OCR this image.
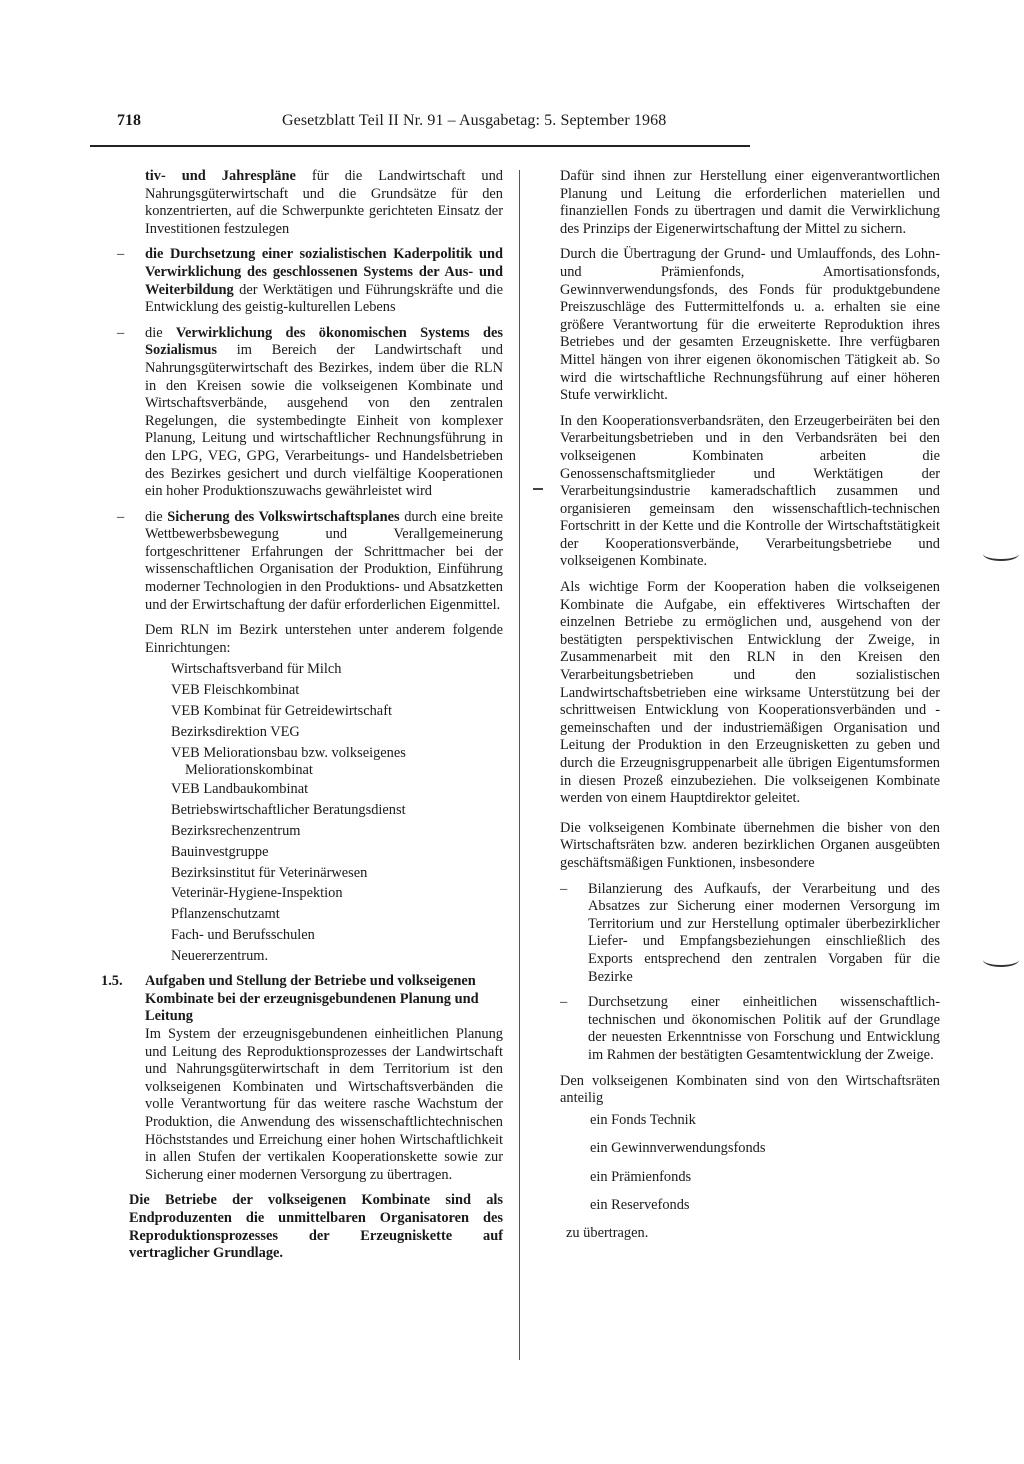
718	Gesetzblatt Teil II Nr. 91 – Ausgabetag: 5. September 1968

tiv- und Jahrespläne für die Landwirtschaft und Nahrungsgüterwirtschaft und die Grundsätze für den konzentrierten, auf die Schwerpunkte gerichteten Einsatz der Investitionen festzulegen

– die Durchsetzung einer sozialistischen Kaderpolitik und Verwirklichung des geschlossenen Systems der Aus- und Weiterbildung der Werktätigen und Führungskräfte und die Entwicklung des geistig-kulturellen Lebens
– die Verwirklichung des ökonomischen Systems des Sozialismus im Bereich der Landwirtschaft und Nahrungsgüterwirtschaft des Bezirkes, indem über die RLN in den Kreisen sowie die volkseigenen Kombinate und Wirtschaftsverbände, ausgehend von den zentralen Regelungen, die systembedingte Einheit von komplexer Planung, Leitung und wirtschaftlicher Rechnungsführung in den LPG, VEG, GPG, Verarbeitungs- und Handelsbetrieben des Bezirkes gesichert und durch vielfältige Kooperationen ein hoher Produktionszuwachs gewährleistet wird
– die Sicherung des Volkswirtschaftsplanes durch eine breite Wettbewerbsbewegung und Verallgemeinerung fortgeschrittener Erfahrungen der Schrittmacher bei der wissenschaftlichen Organisation der Produktion, Einführung moderner Technologien in den Produktions- und Absatzketten und der Erwirtschaftung der dafür erforderlichen Eigenmittel.

Dem RLN im Bezirk unterstehen unter anderem folgende Einrichtungen:

Wirtschaftsverband für Milch
VEB Fleischkombinat
VEB Kombinat für Getreidewirtschaft
Bezirksdirektion VEG
VEB Meliorationsbau bzw. volkseigenes
Meliorationskombinat
VEB Landbaukombinat
Betriebswirtschaftlicher Beratungsdienst
Bezirksrechenzentrum
Bauinvestgruppe
Bezirksinstitut für Veterinärwesen
Veterinär-Hygiene-Inspektion
Pflanzenschutzamt
Fach- und Berufsschulen
Neuererzentrum.
1.5. Aufgaben und Stellung der Betriebe und volkseigenen Kombinate bei der erzeugnisgebundenen Planung und Leitung

Im System der erzeugnisgebundenen einheitlichen Planung und Leitung des Reproduktionsprozesses der Landwirtschaft und Nahrungsgüterwirtschaft in dem Territorium ist den volkseigenen Kombinaten und Wirtschaftsverbänden die volle Verantwortung für das weitere rasche Wachstum der Produktion, die Anwendung des wissenschaftlichtechnischen Höchststandes und Erreichung einer hohen Wirtschaftlichkeit in allen Stufen der vertikalen Kooperationskette sowie zur Sicherung einer modernen Versorgung zu übertragen.

Die Betriebe der volkseigenen Kombinate sind als Endproduzenten die unmittelbaren Organisatoren des Reproduktionsprozesses der Erzeugniskette auf vertraglicher Grundlage.

Dafür sind ihnen zur Herstellung einer eigenverantwortlichen Planung und Leitung die erforderlichen materiellen und finanziellen Fonds zu übertragen und damit die Verwirklichung des Prinzips der Eigenerwirtschaftung der Mittel zu sichern.

Durch die Übertragung der Grund- und Umlauffonds, des Lohn- und Prämienfonds, Amortisationsfonds, Gewinnverwendungsfonds, des Fonds für produktgebundene Preiszuschläge des Futtermittelfonds u. a. erhalten sie eine größere Verantwortung für die erweiterte Reproduktion ihres Betriebes und der gesamten Erzeugniskette. Ihre verfügbaren Mittel hängen von ihrer eigenen ökonomischen Tätigkeit ab. So wird die wirtschaftliche Rechnungsführung auf einer höheren Stufe verwirklicht.

In den Kooperationsverbandsräten, den Erzeugerbeiräten bei den Verarbeitungsbetrieben und in den Verbandsräten bei den volkseigenen Kombinaten arbeiten die Genossenschaftsmitglieder und Werktätigen der Verarbeitungsindustrie kameradschaftlich zusammen und organisieren gemeinsam den wissenschaftlich-technischen Fortschritt in der Kette und die Kontrolle der Wirtschaftstätigkeit der Kooperationsverbände, Verarbeitungsbetriebe und volkseigenen Kombinate.

Als wichtige Form der Kooperation haben die volkseigenen Kombinate die Aufgabe, ein effektiveres Wirtschaften der einzelnen Betriebe zu ermöglichen und, ausgehend von der bestätigten perspektivischen Entwicklung der Zweige, in Zusammenarbeit mit den RLN in den Kreisen den Verarbeitungsbetrieben und den sozialistischen Landwirtschaftsbetrieben eine wirksame Unterstützung bei der schrittweisen Entwicklung von Kooperationsverbänden und -gemeinschaften und der industriemäßigen Organisation und Leitung der Produktion in den Erzeugnisketten zu geben und durch die Erzeugnisgruppenarbeit alle übrigen Eigentumsformen in diesen Prozeß einzubeziehen. Die volkseigenen Kombinate werden von einem Hauptdirektor geleitet.

Die volkseigenen Kombinate übernehmen die bisher von den Wirtschaftsräten bzw. anderen bezirklichen Organen ausgeübten geschäftsmäßigen Funktionen, insbesondere

– Bilanzierung des Aufkaufs, der Verarbeitung und des Absatzes zur Sicherung einer modernen Versorgung im Territorium und zur Herstellung optimaler überbezirklicher Liefer- und Empfangsbeziehungen einschließlich des Exports entsprechend den zentralen Vorgaben für die Bezirke
– Durchsetzung einer einheitlichen wissenschaftlich-technischen und ökonomischen Politik auf der Grundlage der neuesten Erkenntnisse von Forschung und Entwicklung im Rahmen der bestätigten Gesamtentwicklung der Zweige.

Den volkseigenen Kombinaten sind von den Wirtschaftsräten anteilig

ein Fonds Technik
ein Gewinnverwendungsfonds
ein Prämienfonds
ein Reservefonds

zu übertragen.
